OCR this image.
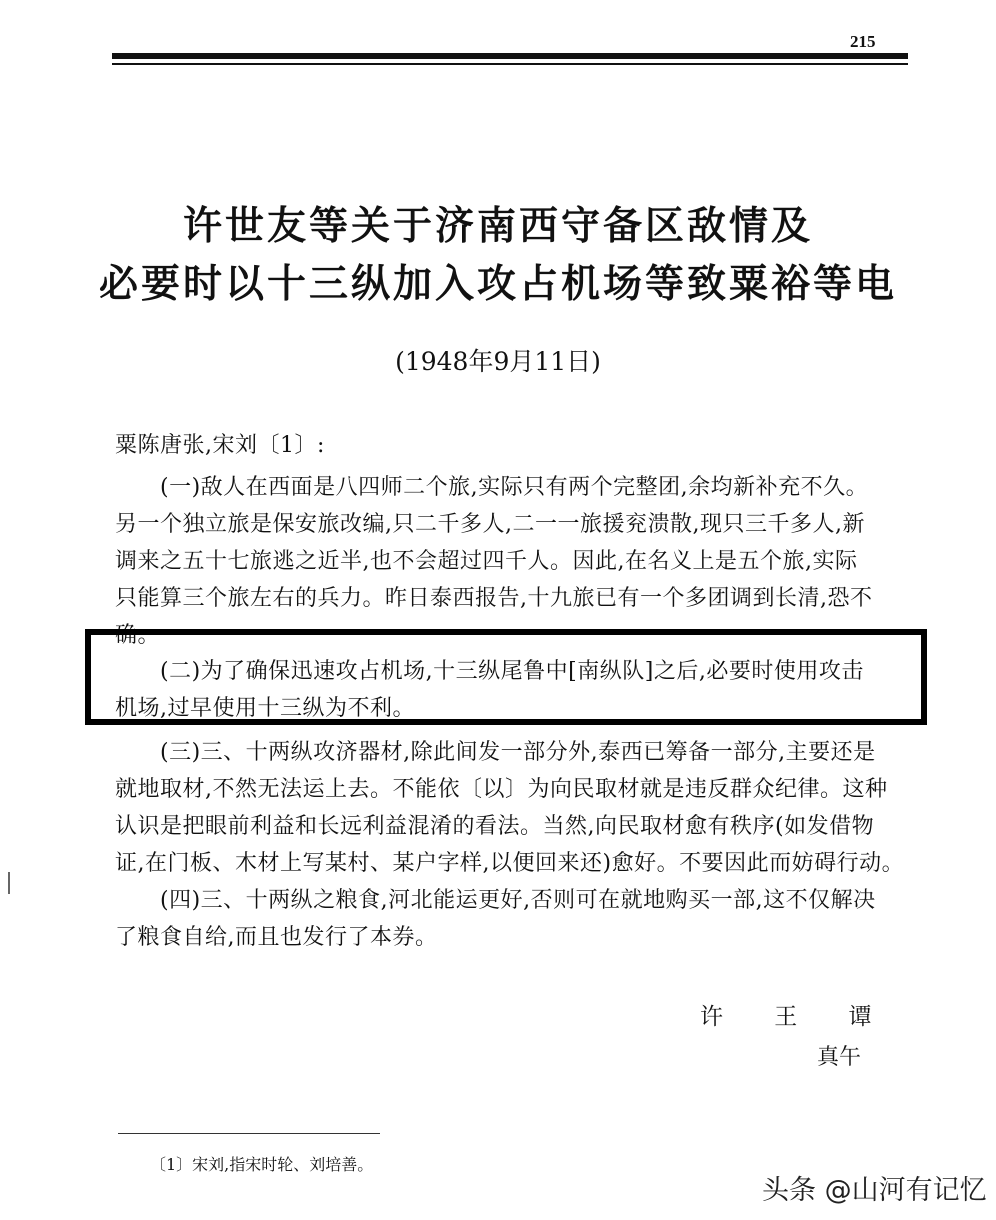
215
许世友等关于济南西守备区敌情及
必要时以十三纵加入攻占机场等致粟裕等电
(1948年9月11日)
粟陈唐张,宋刘〔1〕:
(一)敌人在西面是八四师二个旅,实际只有两个完整团,余均新补充不久。
另一个独立旅是保安旅改编,只二千多人,二一一旅援兖溃散,现只三千多人,新
调来之五十七旅逃之近半,也不会超过四千人。因此,在名义上是五个旅,实际
只能算三个旅左右的兵力。昨日泰西报告,十九旅已有一个多团调到长清,恐不
确。
(二)为了确保迅速攻占机场,十三纵尾鲁中[南纵队]之后,必要时使用攻击
机场,过早使用十三纵为不利。
(三)三、十两纵攻济器材,除此间发一部分外,泰西已筹备一部分,主要还是
就地取材,不然无法运上去。不能依〔以〕为向民取材就是违反群众纪律。这种
认识是把眼前利益和长远利益混淆的看法。当然,向民取材愈有秩序(如发借物
证,在门板、木材上写某村、某户字样,以便回来还)愈好。不要因此而妨碍行动。
(四)三、十两纵之粮食,河北能运更好,否则可在就地购买一部,这不仅解决
了粮食自给,而且也发行了本券。
许 王 谭
真午
〔1〕宋刘,指宋时轮、刘培善。
头条 @山河有记忆
